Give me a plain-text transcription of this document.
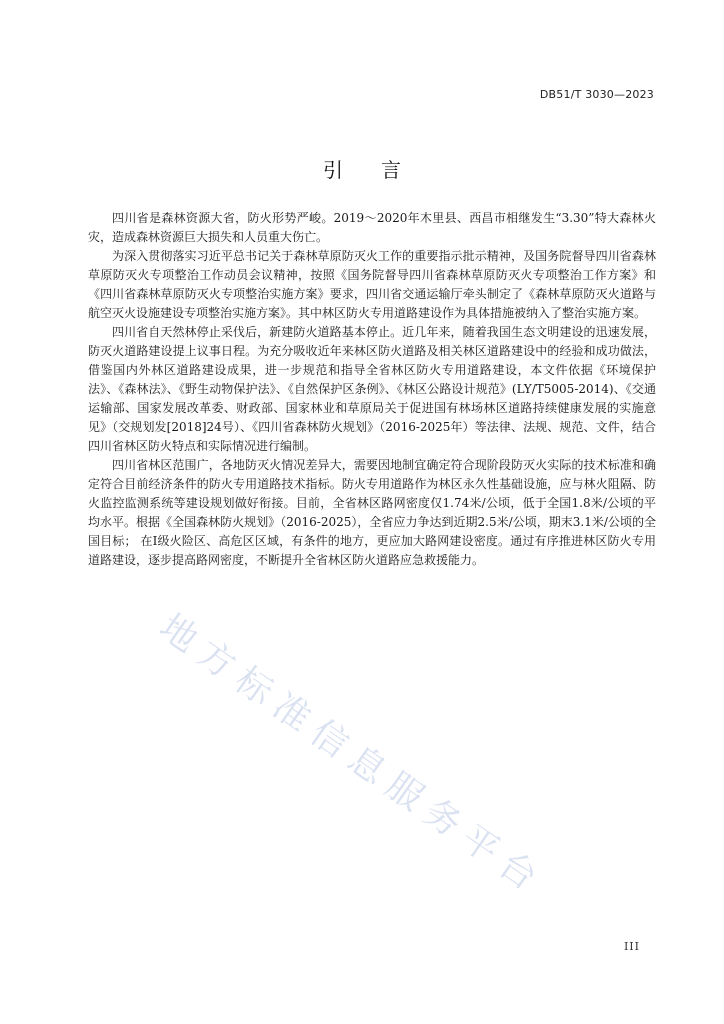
DB51/T 3030—2023
引言

四川省是森林资源大省，防火形势严峻。2019～2020年木里县、西昌市相继发生“3.30”特大森林火灾，造成森林资源巨大损失和人员重大伤亡。

为深入贯彻落实习近平总书记关于森林草原防灭火工作的重要指示批示精神，及国务院督导四川省森林草原防灭火专项整治工作动员会议精神，按照《国务院督导四川省森林草原防灭火专项整治工作方案》和《四川省森林草原防灭火专项整治实施方案》要求，四川省交通运输厅牵头制定了《森林草原防灭火道路与航空灭火设施建设专项整治实施方案》。其中林区防火专用道路建设作为具体措施被纳入了整治实施方案。

四川省自天然林停止采伐后，新建防火道路基本停止。近几年来，随着我国生态文明建设的迅速发展，防灭火道路建设提上议事日程。为充分吸收近年来林区防火道路及相关林区道路建设中的经验和成功做法，借鉴国内外林区道路建设成果，进一步规范和指导全省林区防火专用道路建设，本文件依据《环境保护法》、《森林法》、《野生动物保护法》、《自然保护区条例》、《林区公路设计规范》(LY/T5005-2014)、《交通运输部、国家发展改革委、财政部、国家林业和草原局关于促进国有林场林区道路持续健康发展的实施意见》（交规划发[2018]24号）、《四川省森林防火规划》（2016-2025年）等法律、法规、规范、文件，结合四川省林区防火特点和实际情况进行编制。

四川省林区范围广，各地防灭火情况差异大，需要因地制宜确定符合现阶段防灭火实际的技术标准和确定符合目前经济条件的防火专用道路技术指标。防火专用道路作为林区永久性基础设施，应与林火阻隔、防火监控监测系统等建设规划做好衔接。目前，全省林区路网密度仅1.74米/公顷，低于全国1.8米/公顷的平均水平。根据《全国森林防火规划》（2016-2025），全省应力争达到近期2.5米/公顷，期末3.1米/公顷的全国目标； 在Ⅰ级火险区、高危区区域，有条件的地方，更应加大路网建设密度。通过有序推进林区防火专用道路建设，逐步提高路网密度，不断提升全省林区防火道路应急救援能力。

地方标准信息服务平台
III
